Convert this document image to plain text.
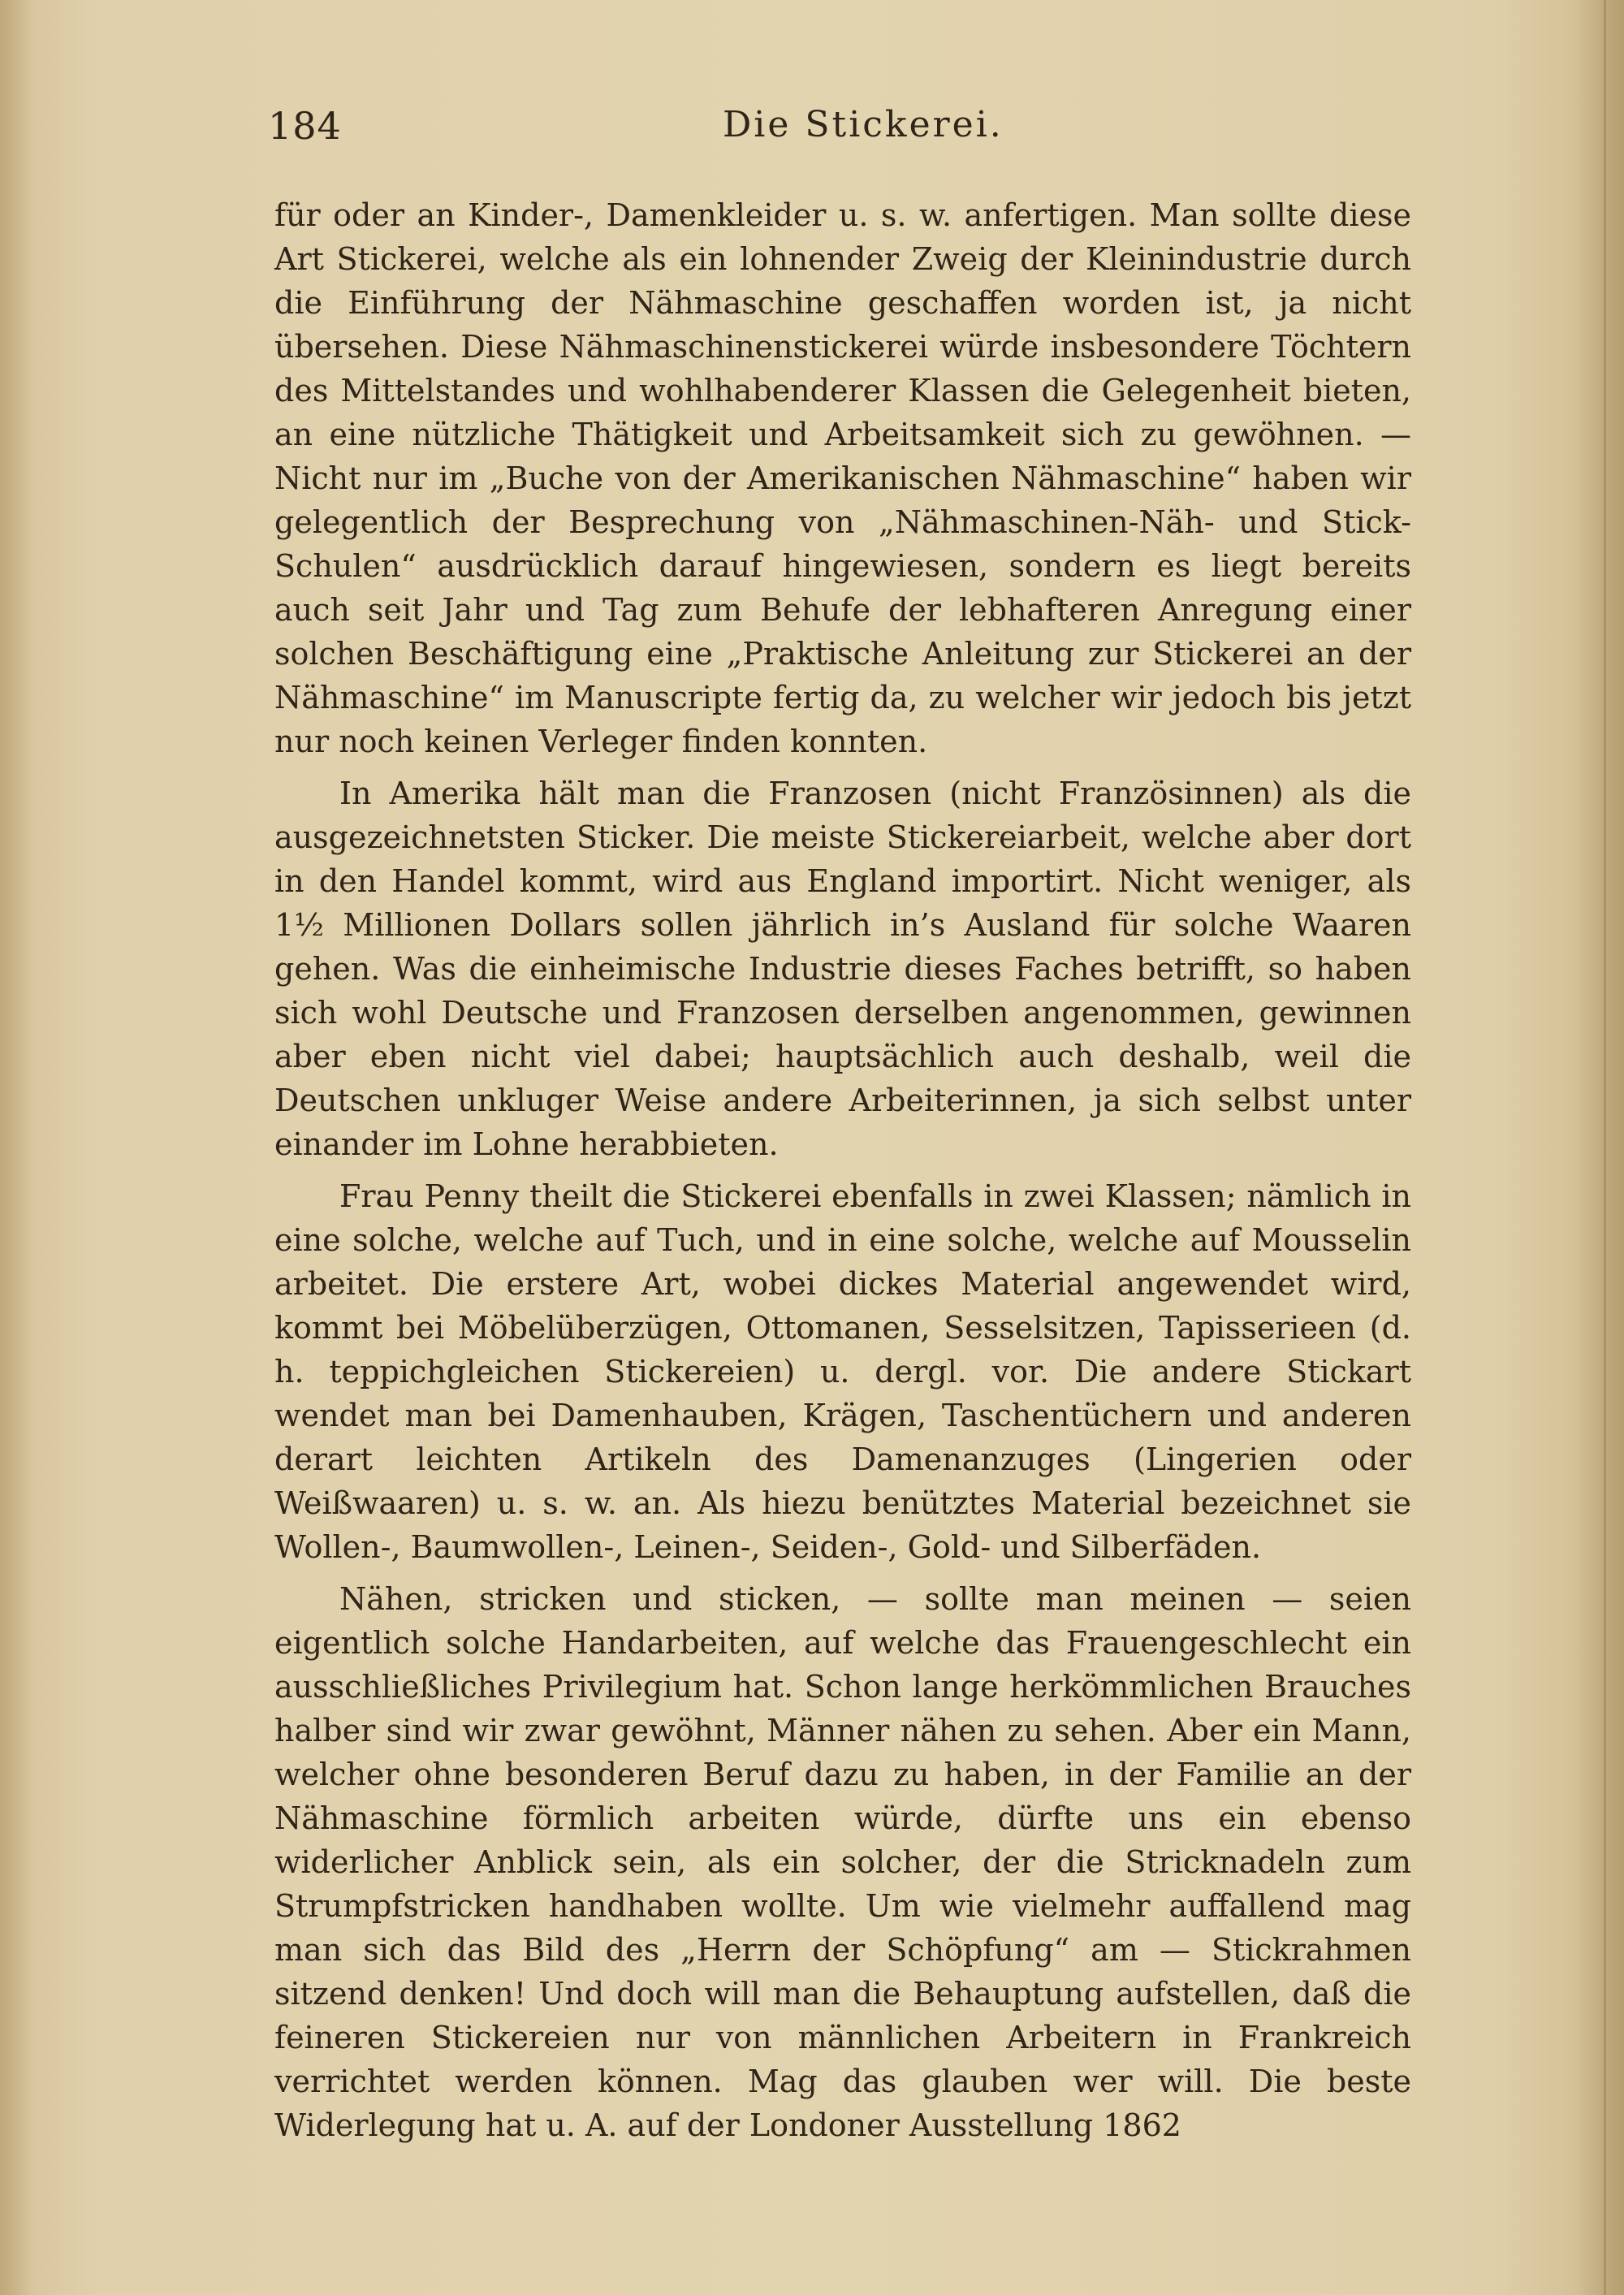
184	Die Stickerei.

für oder an Kinder-, Damenkleider u. s. w. anfertigen. Man sollte diese Art Stickerei, welche als ein lohnender Zweig der Kleinindustrie durch die Einführung der Nähmaschine geschaffen worden ist, ja nicht übersehen. Diese Nähmaschinenstickerei würde insbesondere Töchtern des Mittelstandes und wohlhabenderer Klassen die Gelegenheit bieten, an eine nützliche Thätigkeit und Arbeitsamkeit sich zu gewöhnen. — Nicht nur im „Buche von der Amerikanischen Nähmaschine“ haben wir gelegentlich der Besprechung von „Nähmaschinen-Näh- und Stick-Schulen“ ausdrücklich darauf hingewiesen, sondern es liegt bereits auch seit Jahr und Tag zum Behufe der lebhafteren Anregung einer solchen Beschäftigung eine „Praktische Anleitung zur Stickerei an der Nähmaschine“ im Manuscripte fertig da, zu welcher wir jedoch bis jetzt nur noch keinen Verleger finden konnten.

In Amerika hält man die Franzosen (nicht Französinnen) als die ausgezeichnetsten Sticker. Die meiste Stickereiarbeit, welche aber dort in den Handel kommt, wird aus England importirt. Nicht weniger, als 1½ Millionen Dollars sollen jährlich in’s Ausland für solche Waaren gehen. Was die einheimische Industrie dieses Faches betrifft, so haben sich wohl Deutsche und Franzosen derselben angenommen, gewinnen aber eben nicht viel dabei; hauptsächlich auch deshalb, weil die Deutschen unkluger Weise andere Arbeiterinnen, ja sich selbst unter einander im Lohne herabbieten.

Frau Penny theilt die Stickerei ebenfalls in zwei Klassen; nämlich in eine solche, welche auf Tuch, und in eine solche, welche auf Mousselin arbeitet. Die erstere Art, wobei dickes Material angewendet wird, kommt bei Möbelüberzügen, Ottomanen, Sesselsitzen, Tapisserieen (d. h. teppichgleichen Stickereien) u. dergl. vor. Die andere Stickart wendet man bei Damenhauben, Krägen, Taschentüchern und anderen derart leichten Artikeln des Damenanzuges (Lingerien oder Weißwaaren) u. s. w. an. Als hiezu benütztes Material bezeichnet sie Wollen-, Baumwollen-, Leinen-, Seiden-, Gold- und Silberfäden.

Nähen, stricken und sticken, — sollte man meinen — seien eigentlich solche Handarbeiten, auf welche das Frauengeschlecht ein ausschließliches Privilegium hat. Schon lange herkömmlichen Brauches halber sind wir zwar gewöhnt, Männer nähen zu sehen. Aber ein Mann, welcher ohne besonderen Beruf dazu zu haben, in der Familie an der Nähmaschine förmlich arbeiten würde, dürfte uns ein ebenso widerlicher Anblick sein, als ein solcher, der die Stricknadeln zum Strumpfstricken handhaben wollte. Um wie vielmehr auffallend mag man sich das Bild des „Herrn der Schöpfung“ am — Stickrahmen sitzend denken! Und doch will man die Behauptung aufstellen, daß die feineren Stickereien nur von männlichen Arbeitern in Frankreich verrichtet werden können. Mag das glauben wer will. Die beste Widerlegung hat u. A. auf der Londoner Ausstellung 1862
